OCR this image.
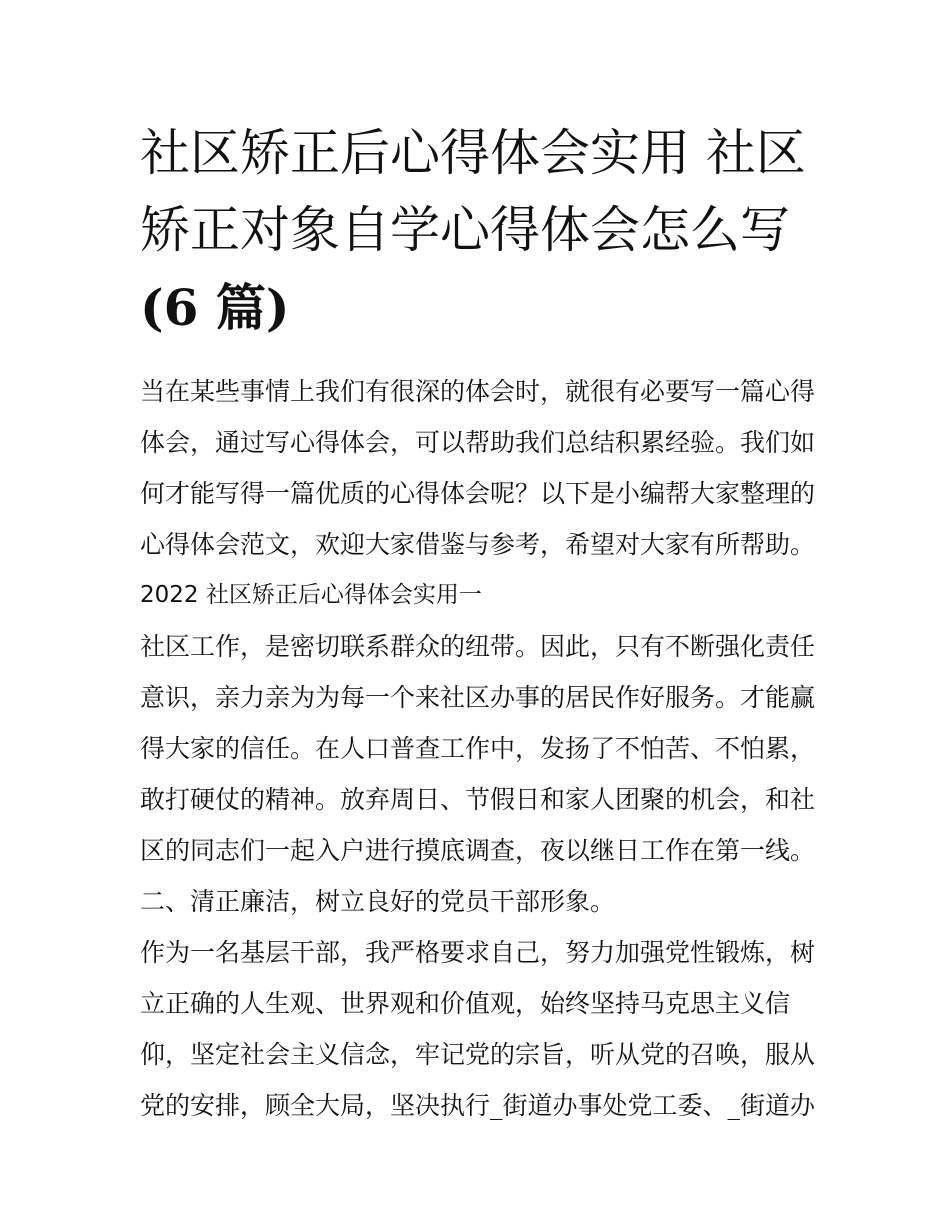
社区矫正后心得体会实用 社区
矫正对象自学心得体会怎么写
(6 篇)
当在某些事情上我们有很深的体会时，就很有必要写一篇心得
体会，通过写心得体会，可以帮助我们总结积累经验。我们如
何才能写得一篇优质的心得体会呢？以下是小编帮大家整理的
心得体会范文，欢迎大家借鉴与参考，希望对大家有所帮助。
2022 社区矫正后心得体会实用一
社区工作，是密切联系群众的纽带。因此，只有不断强化责任
意识，亲力亲为为每一个来社区办事的居民作好服务。才能赢
得大家的信任。在人口普查工作中，发扬了不怕苦、不怕累，
敢打硬仗的精神。放弃周日、节假日和家人团聚的机会，和社
区的同志们一起入户进行摸底调查，夜以继日工作在第一线。
二、清正廉洁，树立良好的党员干部形象。
作为一名基层干部，我严格要求自己，努力加强党性锻炼，树
立正确的人生观、世界观和价值观，始终坚持马克思主义信
仰，坚定社会主义信念，牢记党的宗旨，听从党的召唤，服从
党的安排，顾全大局，坚决执行_街道办事处党工委、_街道办
